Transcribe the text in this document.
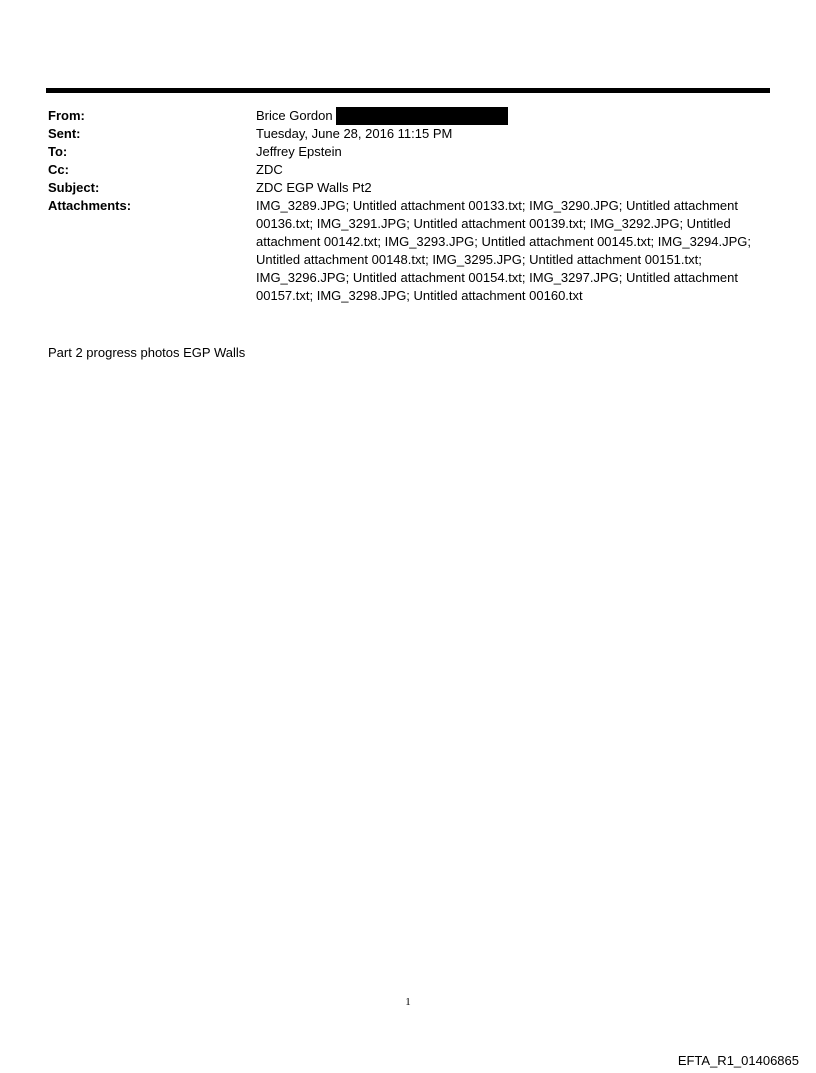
From:	Brice Gordon
Sent:	Tuesday, June 28, 2016 11:15 PM
To:	Jeffrey Epstein
Cc:	ZDC
Subject:	ZDC EGP Walls Pt2
Attachments:	IMG_3289.JPG; Untitled attachment 00133.txt; IMG_3290.JPG; Untitled attachment 00136.txt; IMG_3291.JPG; Untitled attachment 00139.txt; IMG_3292.JPG; Untitled attachment 00142.txt; IMG_3293.JPG; Untitled attachment 00145.txt; IMG_3294.JPG; Untitled attachment 00148.txt; IMG_3295.JPG; Untitled attachment 00151.txt; IMG_3296.JPG; Untitled attachment 00154.txt; IMG_3297.JPG; Untitled attachment 00157.txt; IMG_3298.JPG; Untitled attachment 00160.txt
Part 2 progress photos EGP Walls
1
EFTA_R1_01406865
